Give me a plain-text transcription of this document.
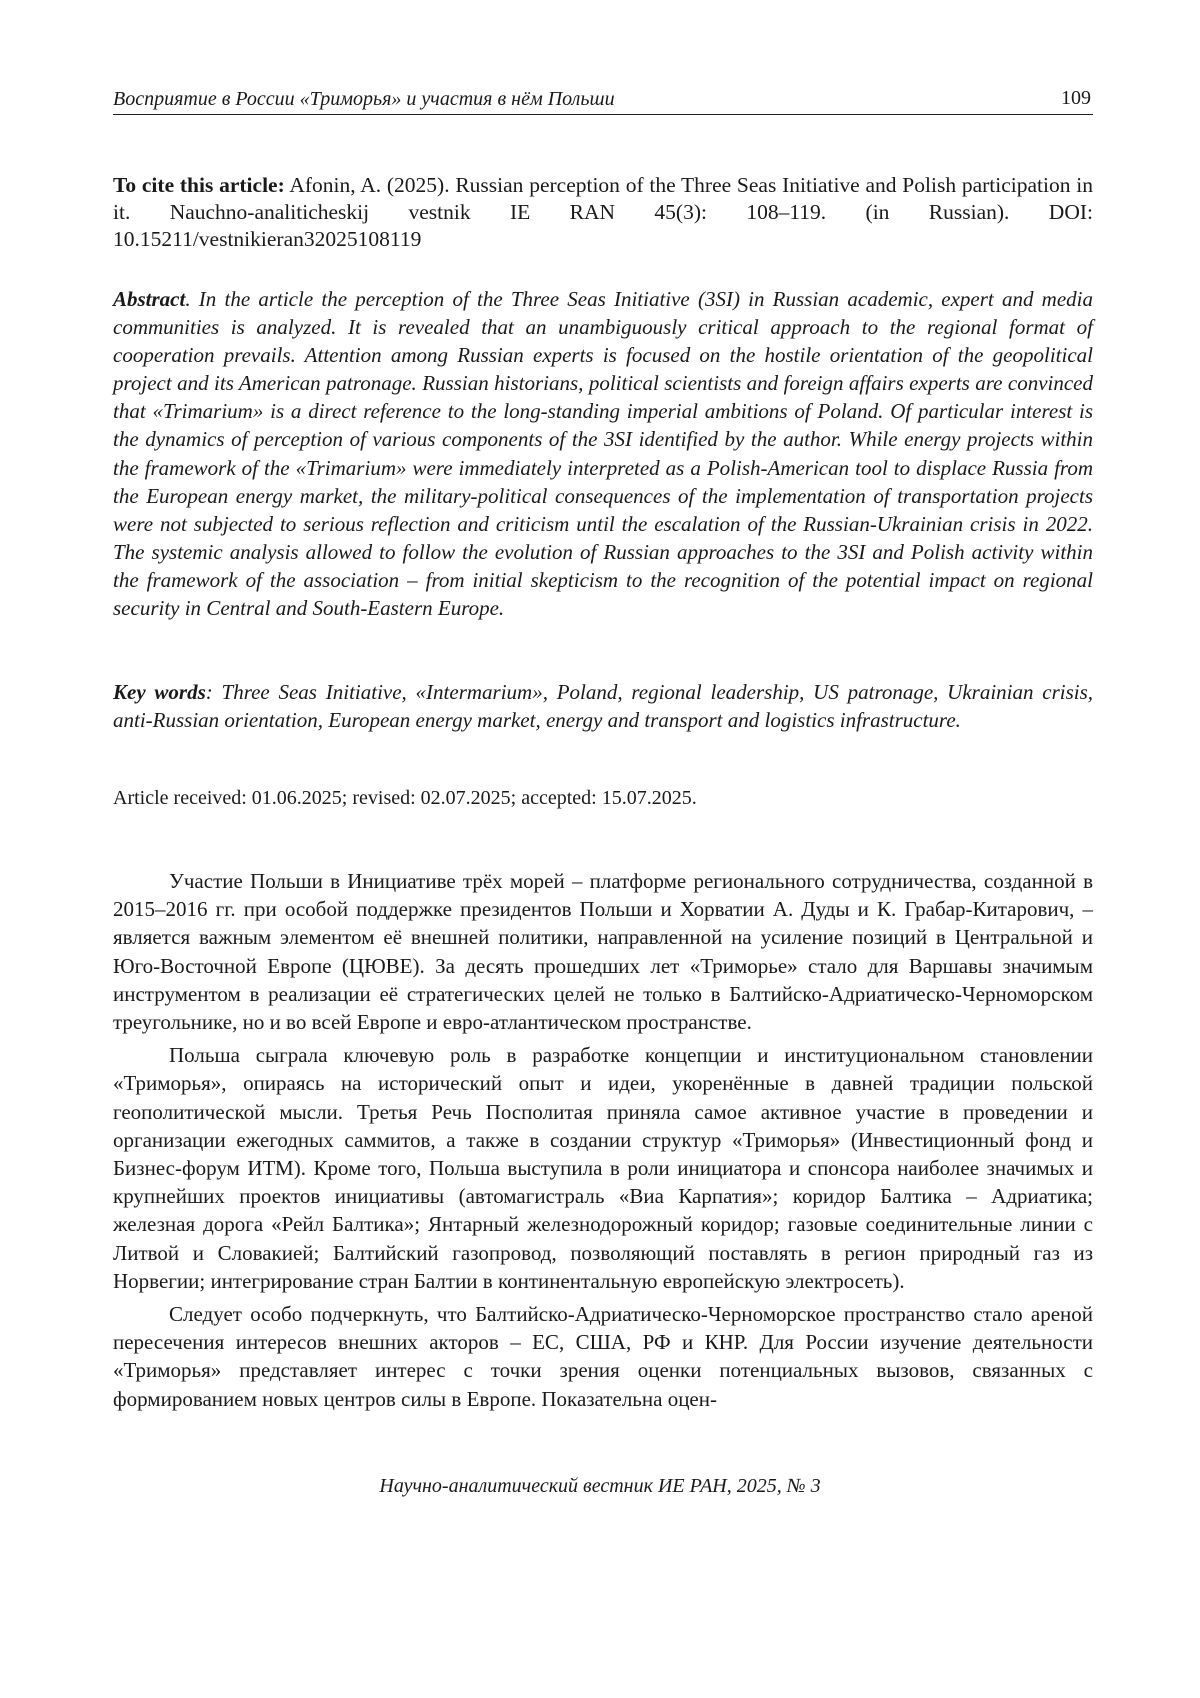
Восприятие в России «Триморья» и участия в нём Польши	109
To cite this article: Afonin, A. (2025). Russian perception of the Three Seas Initiative and Polish participation in it. Nauchno-analiticheskij vestnik IE RAN 45(3): 108–119. (in Russian). DOI: 10.15211/vestnikieran32025108119
Abstract. In the article the perception of the Three Seas Initiative (3SI) in Russian academic, expert and media communities is analyzed. It is revealed that an unambiguously critical approach to the regional format of cooperation prevails. Attention among Russian experts is focused on the hostile orientation of the geopolitical project and its American patronage. Russian historians, political scientists and foreign affairs experts are convinced that «Trimarium» is a direct reference to the long-standing imperial ambitions of Poland. Of particular interest is the dynamics of perception of various components of the 3SI identified by the author. While energy projects within the framework of the «Trimarium» were immediately interpreted as a Polish-American tool to displace Russia from the European energy market, the military-political consequences of the implementation of transportation projects were not subjected to serious reflection and criticism until the escalation of the Russian-Ukrainian crisis in 2022. The systemic analysis allowed to follow the evolution of Russian approaches to the 3SI and Polish activity within the framework of the association – from initial skepticism to the recognition of the potential impact on regional security in Central and South-Eastern Europe.
Key words: Three Seas Initiative, «Intermarium», Poland, regional leadership, US patronage, Ukrainian crisis, anti-Russian orientation, European energy market, energy and transport and logistics infrastructure.
Article received: 01.06.2025; revised: 02.07.2025; accepted: 15.07.2025.

Участие Польши в Инициативе трёх морей – платформе регионального сотрудничества, созданной в 2015–2016 гг. при особой поддержке президентов Польши и Хорватии А. Дуды и К. Грабар-Китарович, – является важным элементом её внешней политики, направленной на усиление позиций в Центральной и Юго-Восточной Европе (ЦЮВЕ). За десять прошедших лет «Триморье» стало для Варшавы значимым инструментом в реализации её стратегических целей не только в Балтийско-Адриатическо-Черноморском треугольнике, но и во всей Европе и евро-атлантическом пространстве.

Польша сыграла ключевую роль в разработке концепции и институциональном становлении «Триморья», опираясь на исторический опыт и идеи, укоренённые в давней традиции польской геополитической мысли. Третья Речь Посполитая приняла самое активное участие в проведении и организации ежегодных саммитов, а также в создании структур «Триморья» (Инвестиционный фонд и Бизнес-форум ИТМ). Кроме того, Польша выступила в роли инициатора и спонсора наиболее значимых и крупнейших проектов инициативы (автомагистраль «Виа Карпатия»; коридор Балтика – Адриатика; железная дорога «Рейл Балтика»; Янтарный железнодорожный коридор; газовые соединительные линии с Литвой и Словакией; Балтийский газопровод, позволяющий поставлять в регион природный газ из Норвегии; интегрирование стран Балтии в континентальную европейскую электросеть).

Следует особо подчеркнуть, что Балтийско-Адриатическо-Черноморское пространство стало ареной пересечения интересов внешних акторов – ЕС, США, РФ и КНР. Для России изучение деятельности «Триморья» представляет интерес с точки зрения оценки потенциальных вызовов, связанных с формированием новых центров силы в Европе. Показательна оцен-

Научно-аналитический вестник ИЕ РАН, 2025, № 3
